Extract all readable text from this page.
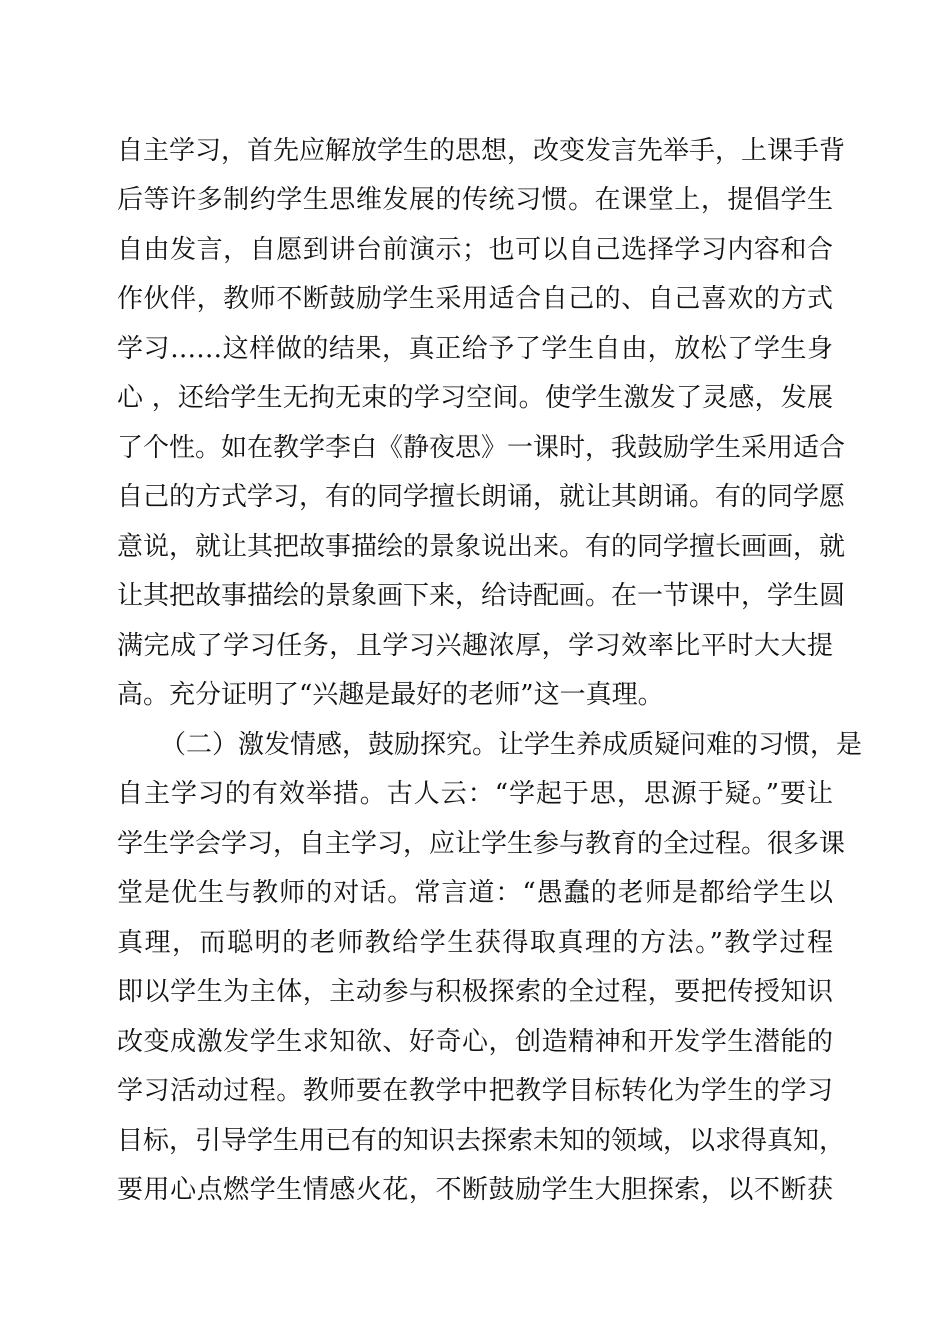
自主学习，首先应解放学生的思想，改变发言先举手，上课手背
后等许多制约学生思维发展的传统习惯。在课堂上，提倡学生
自由发言，自愿到讲台前演示；也可以自己选择学习内容和合
作伙伴，教师不断鼓励学生采用适合自己的、自己喜欢的方式
学习……这样做的结果，真正给予了学生自由，放松了学生身
心 ，还给学生无拘无束的学习空间。使学生激发了灵感，发展
了个性。如在教学李白《静夜思》一课时，我鼓励学生采用适合
自己的方式学习，有的同学擅长朗诵，就让其朗诵。有的同学愿
意说，就让其把故事描绘的景象说出来。有的同学擅长画画，就
让其把故事描绘的景象画下来，给诗配画。在一节课中，学生圆
满完成了学习任务，且学习兴趣浓厚，学习效率比平时大大提
高。充分证明了“兴趣是最好的老师”这一真理。
（二）激发情感，鼓励探究。让学生养成质疑问难的习惯，是
自主学习的有效举措。古人云：“学起于思，思源于疑。”要让
学生学会学习，自主学习，应让学生参与教育的全过程。很多课
堂是优生与教师的对话。常言道：“愚蠢的老师是都给学生以
真理，而聪明的老师教给学生获得取真理的方法。”教学过程
即以学生为主体，主动参与积极探索的全过程，要把传授知识
改变成激发学生求知欲、好奇心，创造精神和开发学生潜能的
学习活动过程。教师要在教学中把教学目标转化为学生的学习
目标，引导学生用已有的知识去探索未知的领域，以求得真知，
要用心点燃学生情感火花，不断鼓励学生大胆探索，以不断获
